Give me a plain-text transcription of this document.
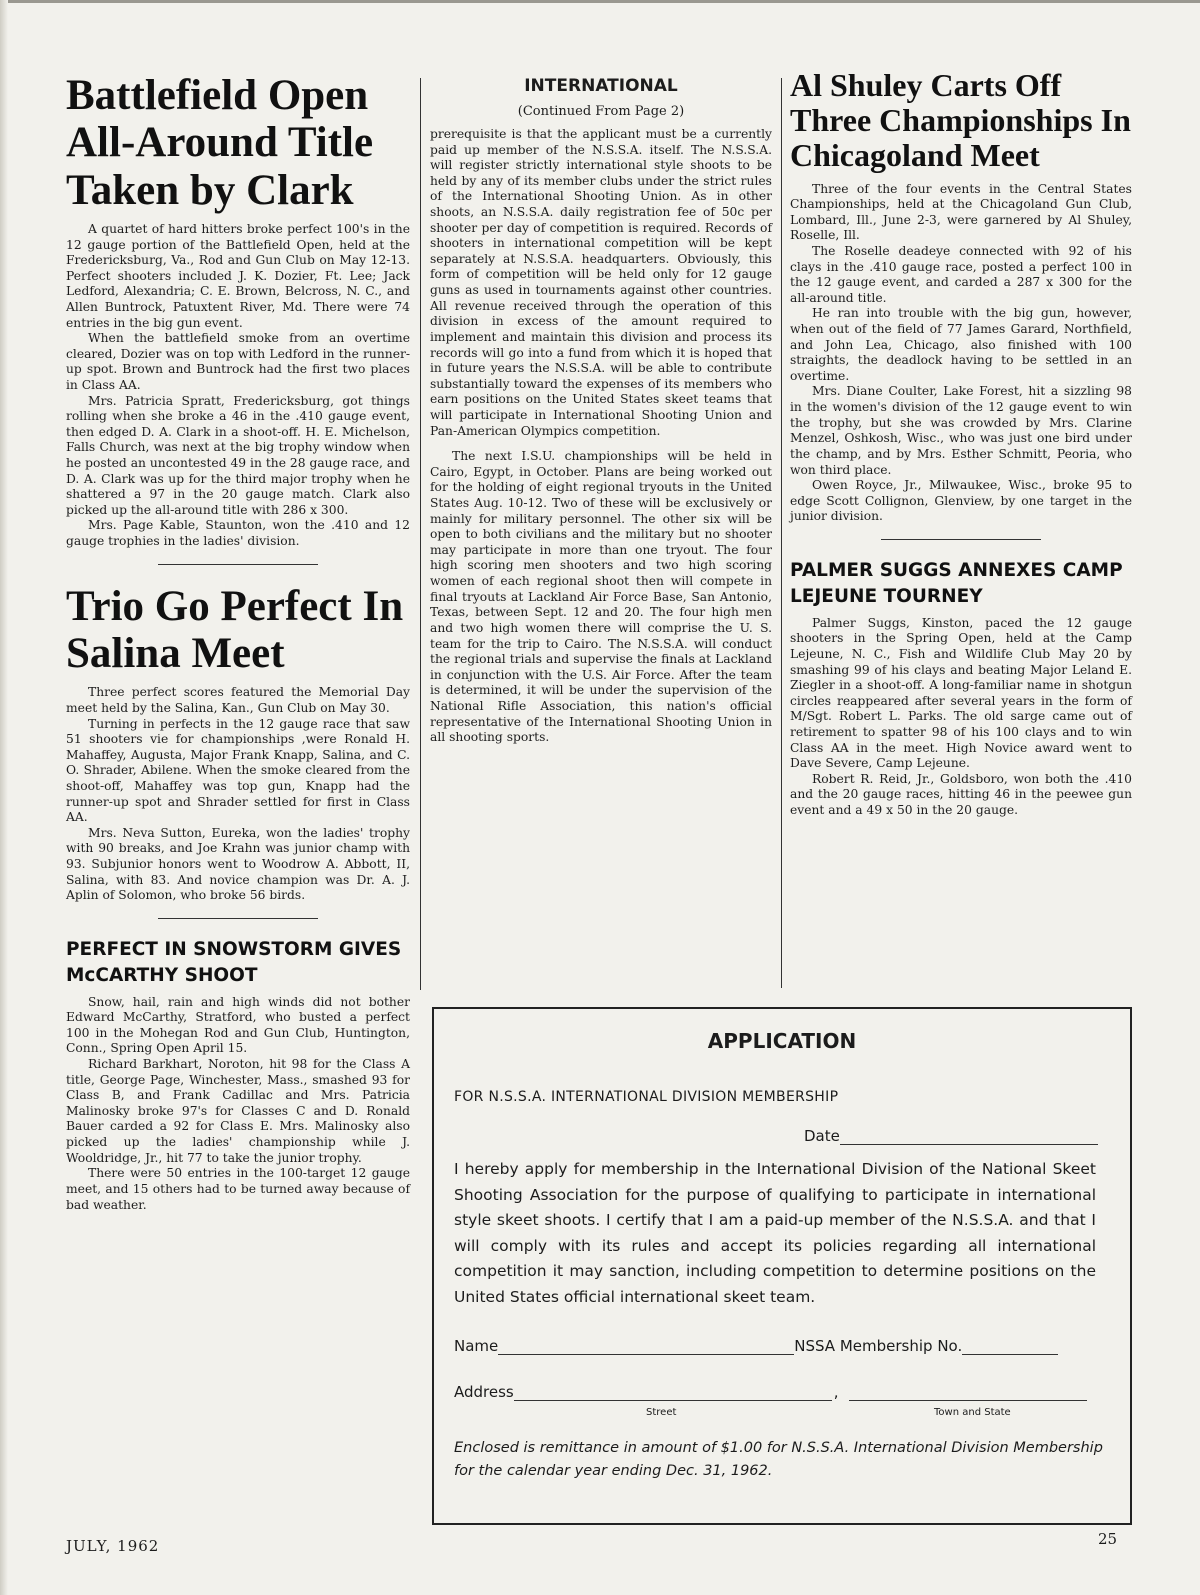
Battlefield Open All-Around Title Taken by Clark

A quartet of hard hitters broke perfect 100's in the 12 gauge portion of the Battlefield Open, held at the Fredericksburg, Va., Rod and Gun Club on May 12-13. Perfect shooters included J. K. Dozier, Ft. Lee; Jack Ledford, Alexandria; C. E. Brown, Belcross, N. C., and Allen Buntrock, Patuxtent River, Md. There were 74 entries in the big gun event.

When the battlefield smoke from an overtime cleared, Dozier was on top with Ledford in the runner-up spot. Brown and Buntrock had the first two places in Class AA.

Mrs. Patricia Spratt, Fredericksburg, got things rolling when she broke a 46 in the .410 gauge event, then edged D. A. Clark in a shoot-off. H. E. Michelson, Falls Church, was next at the big trophy window when he posted an uncontested 49 in the 28 gauge race, and D. A. Clark was up for the third major trophy when he shattered a 97 in the 20 gauge match. Clark also picked up the all-around title with 286 x 300.

Mrs. Page Kable, Staunton, won the .410 and 12 gauge trophies in the ladies' division.

Trio Go Perfect In Salina Meet

Three perfect scores featured the Memorial Day meet held by the Salina, Kan., Gun Club on May 30.

Turning in perfects in the 12 gauge race that saw 51 shooters vie for championships ,were Ronald H. Mahaffey, Augusta, Major Frank Knapp, Salina, and C. O. Shrader, Abilene. When the smoke cleared from the shoot-off, Mahaffey was top gun, Knapp had the runner-up spot and Shrader settled for first in Class AA.

Mrs. Neva Sutton, Eureka, won the ladies' trophy with 90 breaks, and Joe Krahn was junior champ with 93. Subjunior honors went to Woodrow A. Abbott, II, Salina, with 83. And novice champion was Dr. A. J. Aplin of Solomon, who broke 56 birds.

PERFECT IN SNOWSTORM GIVES McCARTHY SHOOT

Snow, hail, rain and high winds did not bother Edward McCarthy, Stratford, who busted a perfect 100 in the Mohegan Rod and Gun Club, Huntington, Conn., Spring Open April 15.

Richard Barkhart, Noroton, hit 98 for the Class A title, George Page, Winchester, Mass., smashed 93 for Class B, and Frank Cadillac and Mrs. Patricia Malinosky broke 97's for Classes C and D. Ronald Bauer carded a 92 for Class E. Mrs. Malinosky also picked up the ladies' championship while J. Wooldridge, Jr., hit 77 to take the junior trophy.

There were 50 entries in the 100-target 12 gauge meet, and 15 others had to be turned away because of bad weather.

INTERNATIONAL
(Continued From Page 2)

prerequisite is that the applicant must be a currently paid up member of the N.S.S.A. itself. The N.S.S.A. will register strictly international style shoots to be held by any of its member clubs under the strict rules of the International Shooting Union. As in other shoots, an N.S.S.A. daily registration fee of 50c per shooter per day of competition is required. Records of shooters in international competition will be kept separately at N.S.S.A. headquarters. Obviously, this form of competition will be held only for 12 gauge guns as used in tournaments against other countries. All revenue received through the operation of this division in excess of the amount required to implement and maintain this division and process its records will go into a fund from which it is hoped that in future years the N.S.S.A. will be able to contribute substantially toward the expenses of its members who earn positions on the United States skeet teams that will participate in International Shooting Union and Pan-American Olympics competition.

The next I.S.U. championships will be held in Cairo, Egypt, in October. Plans are being worked out for the holding of eight regional tryouts in the United States Aug. 10-12. Two of these will be exclusively or mainly for military personnel. The other six will be open to both civilians and the military but no shooter may participate in more than one tryout. The four high scoring men shooters and two high scoring women of each regional shoot then will compete in final tryouts at Lackland Air Force Base, San Antonio, Texas, between Sept. 12 and 20. The four high men and two high women there will comprise the U. S. team for the trip to Cairo. The N.S.S.A. will conduct the regional trials and supervise the finals at Lackland in conjunction with the U.S. Air Force. After the team is determined, it will be under the supervision of the National Rifle Association, this nation's official representative of the International Shooting Union in all shooting sports.

Al Shuley Carts Off Three Championships In Chicagoland Meet

Three of the four events in the Central States Championships, held at the Chicagoland Gun Club, Lombard, Ill., June 2-3, were garnered by Al Shuley, Roselle, Ill.

The Roselle deadeye connected with 92 of his clays in the .410 gauge race, posted a perfect 100 in the 12 gauge event, and carded a 287 x 300 for the all-around title.

He ran into trouble with the big gun, however, when out of the field of 77 James Garard, Northfield, and John Lea, Chicago, also finished with 100 straights, the deadlock having to be settled in an overtime.

Mrs. Diane Coulter, Lake Forest, hit a sizzling 98 in the women's division of the 12 gauge event to win the trophy, but she was crowded by Mrs. Clarine Menzel, Oshkosh, Wisc., who was just one bird under the champ, and by Mrs. Esther Schmitt, Peoria, who won third place.

Owen Royce, Jr., Milwaukee, Wisc., broke 95 to edge Scott Collignon, Glenview, by one target in the junior division.

PALMER SUGGS ANNEXES CAMP LEJEUNE TOURNEY

Palmer Suggs, Kinston, paced the 12 gauge shooters in the Spring Open, held at the Camp Lejeune, N. C., Fish and Wildlife Club May 20 by smashing 99 of his clays and beating Major Leland E. Ziegler in a shoot-off. A long-familiar name in shotgun circles reappeared after several years in the form of M/Sgt. Robert L. Parks. The old sarge came out of retirement to spatter 98 of his 100 clays and to win Class AA in the meet. High Novice award went to Dave Severe, Camp Lejeune.

Robert R. Reid, Jr., Goldsboro, won both the .410 and the 20 gauge races, hitting 46 in the peewee gun event and a 49 x 50 in the 20 gauge.

APPLICATION
FOR N.S.S.A. INTERNATIONAL DIVISION MEMBERSHIP
Date

I hereby apply for membership in the International Division of the National Skeet Shooting Association for the purpose of qualifying to participate in international style skeet shoots. I certify that I am a paid-up member of the N.S.S.A. and that I will comply with its rules and accept its policies regarding all international competition it may sanction, including competition to determine positions on the United States official international skeet team.

Name	NSSA Membership No.
Address	,
Street	Town and State
Enclosed is remittance in amount of $1.00 for N.S.S.A. International Division Membership for the calendar year ending Dec. 31, 1962.
JULY, 1962	25
